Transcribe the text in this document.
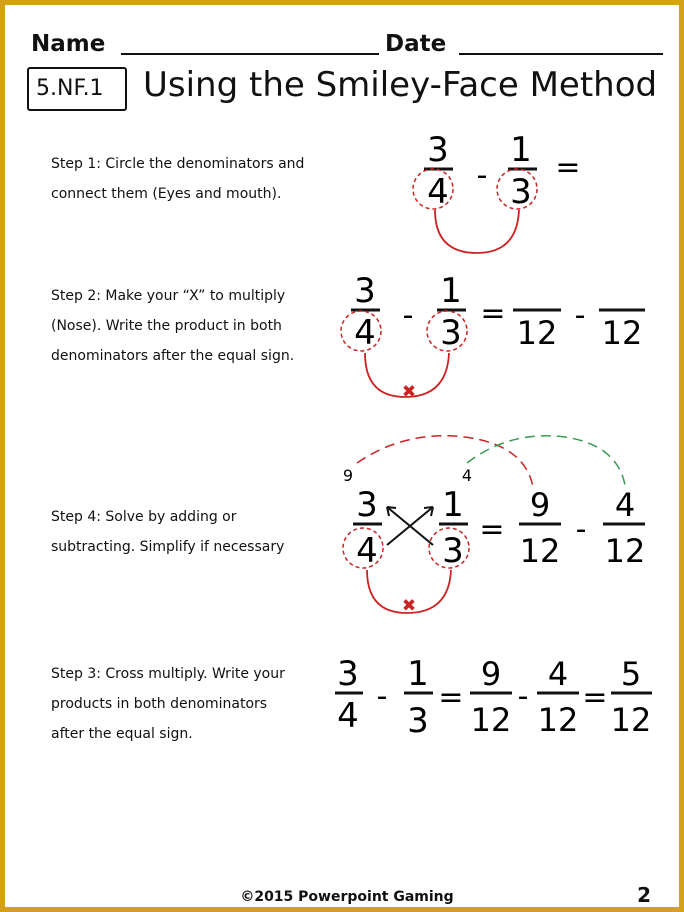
Name	Date
5.NF.1	Using the Smiley-Face Method
Step 1: Circle the denominators and
connect them (Eyes and mouth).
Step 2: Make your “X” to multiply
(Nose). Write the product in both
denominators after the equal sign.
Step 4: Solve by adding or
subtracting. Simplify if necessary
Step 3: Cross multiply. Write your
products in both denominators
after the equal sign.
3
4 -
1
3
=
3
4 -
1
3 =
12 - 12
✖
9	4
3
4
1
3
=
9
12
-
4
12
✖
3
4 -
1
3
=
9
12
-
4
12
=
5
12
©2015 Powerpoint Gaming	2
